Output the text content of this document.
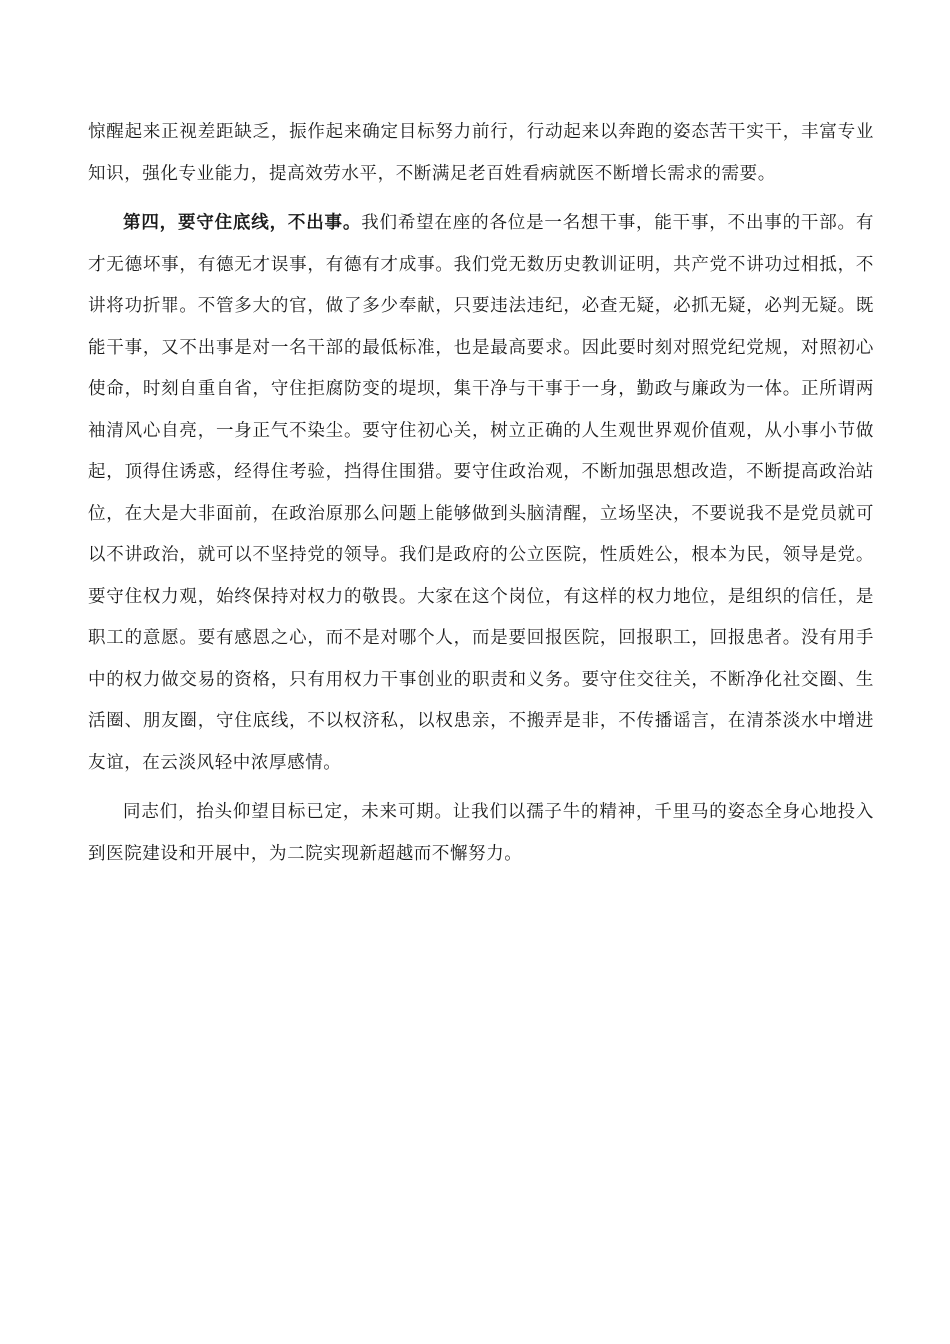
惊醒起来正视差距缺乏，振作起来确定目标努力前行，行动起来以奔跑的姿态苦干实干，丰富专业知识，强化专业能力，提高效劳水平，不断满足老百姓看病就医不断增长需求的需要。

第四，要守住底线，不出事。我们希望在座的各位是一名想干事，能干事，不出事的干部。有才无德坏事，有德无才误事，有德有才成事。我们党无数历史教训证明，共产党不讲功过相抵，不讲将功折罪。不管多大的官，做了多少奉献，只要违法违纪，必查无疑，必抓无疑，必判无疑。既能干事，又不出事是对一名干部的最低标准，也是最高要求。因此要时刻对照党纪党规，对照初心使命，时刻自重自省，守住拒腐防变的堤坝，集干净与干事于一身，勤政与廉政为一体。正所谓两袖清风心自亮，一身正气不染尘。要守住初心关，树立正确的人生观世界观价值观，从小事小节做起，顶得住诱惑，经得住考验，挡得住围猎。要守住政治观，不断加强思想改造，不断提高政治站位，在大是大非面前，在政治原那么问题上能够做到头脑清醒，立场坚决，不要说我不是党员就可以不讲政治，就可以不坚持党的领导。我们是政府的公立医院，性质姓公，根本为民，领导是党。要守住权力观，始终保持对权力的敬畏。大家在这个岗位，有这样的权力地位，是组织的信任，是职工的意愿。要有感恩之心，而不是对哪个人，而是要回报医院，回报职工，回报患者。没有用手中的权力做交易的资格，只有用权力干事创业的职责和义务。要守住交往关，不断净化社交圈、生活圈、朋友圈，守住底线，不以权济私，以权患亲，不搬弄是非，不传播谣言，在清茶淡水中增进友谊，在云淡风轻中浓厚感情。

同志们，抬头仰望目标已定，未来可期。让我们以孺子牛的精神，千里马的姿态全身心地投入到医院建设和开展中，为二院实现新超越而不懈努力。
